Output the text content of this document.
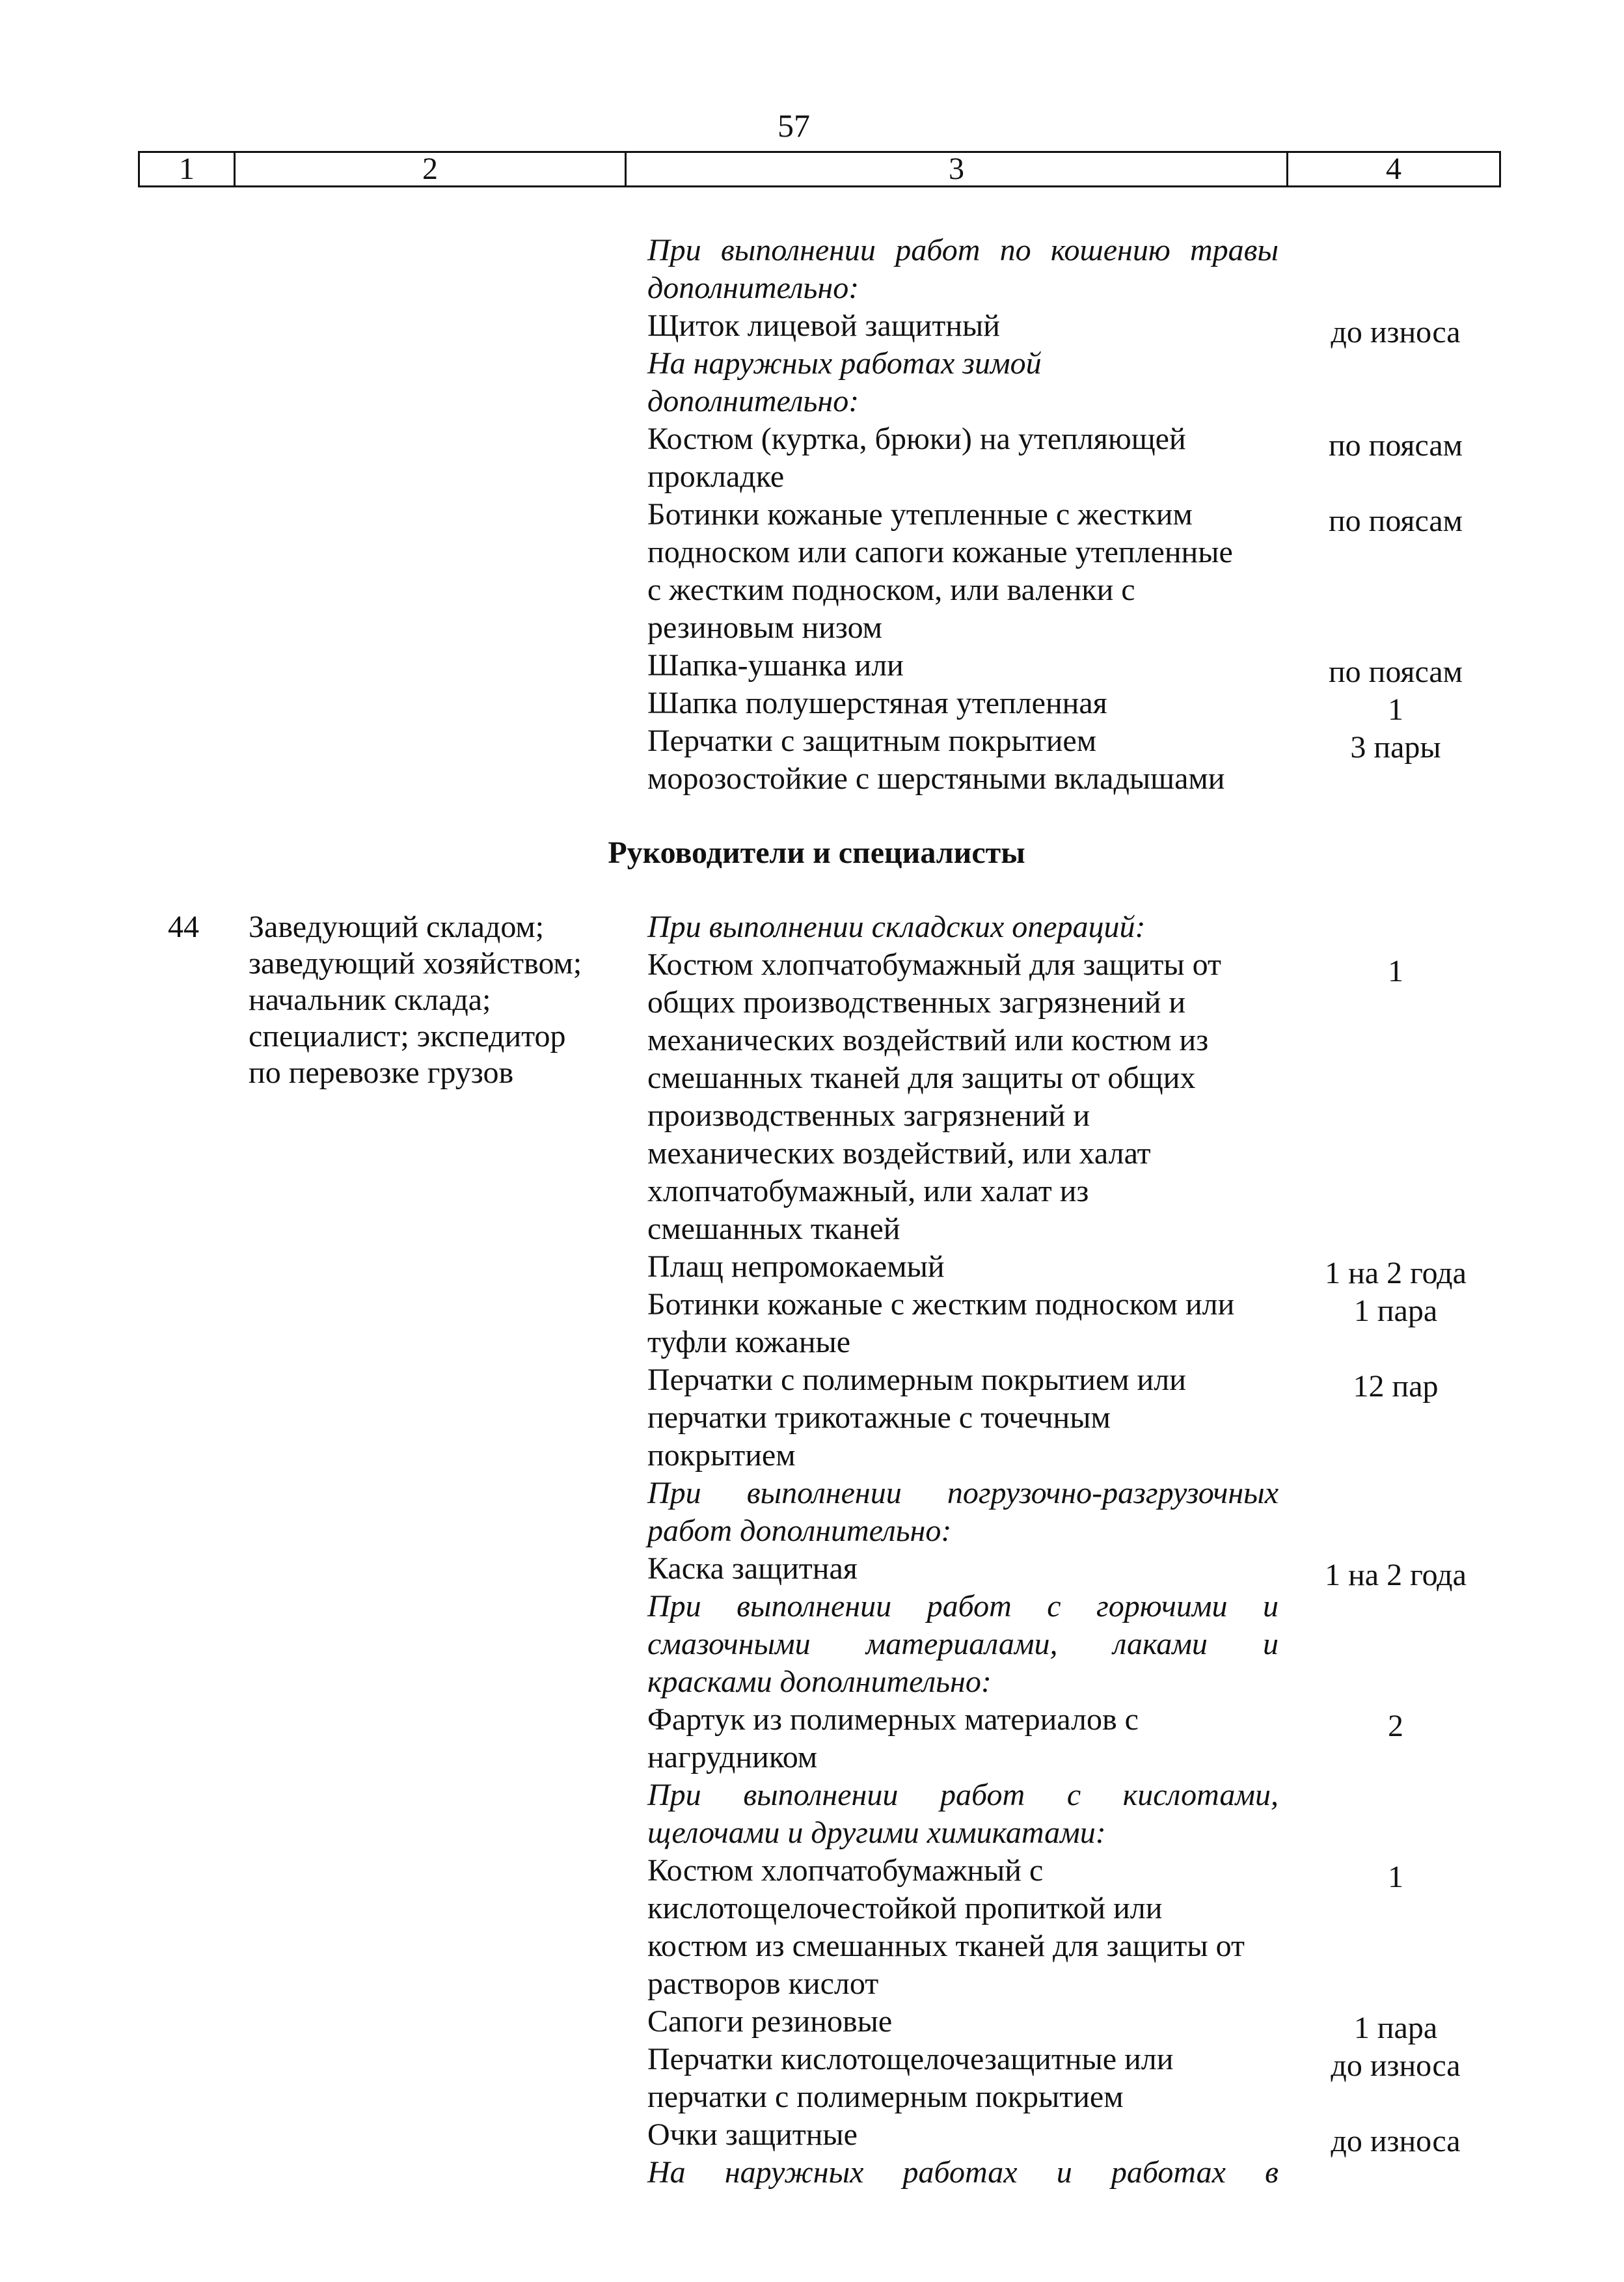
57
1	2	3	4
При выполнении работ по кошению травы
дополнительно:
Щиток лицевой защитный	до износа
На наружных работах зимой
дополнительно:
Костюм (куртка, брюки) на утепляющей	по поясам
прокладке
Ботинки кожаные утепленные с жестким	по поясам
подноском или сапоги кожаные утепленные
с жестким подноском, или валенки с
резиновым низом
Шапка-ушанка или	по поясам
Шапка полушерстяная утепленная	1
Перчатки с защитным покрытием	3 пары
морозостойкие с шерстяными вкладышами
Руководители и специалисты
44 Заведующий складом;
заведующий хозяйством;
начальник склада;
специалист; экспедитор
по перевозке грузов
При выполнении складских операций:
Костюм хлопчатобумажный для защиты от	1
общих производственных загрязнений и
механических воздействий или костюм из
смешанных тканей для защиты от общих
производственных загрязнений и
механических воздействий, или халат
хлопчатобумажный, или халат из
смешанных тканей
Плащ непромокаемый	1 на 2 года
Ботинки кожаные с жестким подноском или	1 пара
туфли кожаные
Перчатки с полимерным покрытием или	12 пар
перчатки трикотажные с точечным
покрытием
При выполнении погрузочно-разгрузочных
работ дополнительно:
Каска защитная	1 на 2 года
При выполнении работ с горючими и
смазочными материалами, лаками и
красками дополнительно:
Фартук из полимерных материалов с	2
нагрудником
При выполнении работ с кислотами,
щелочами и другими химикатами:
Костюм хлопчатобумажный с	1
кислотощелочестойкой пропиткой или
костюм из смешанных тканей для защиты от
растворов кислот
Сапоги резиновые	1 пара
Перчатки кислотощелочезащитные или	до износа
перчатки с полимерным покрытием
Очки защитные	до износа
На наружных работах и работах в
